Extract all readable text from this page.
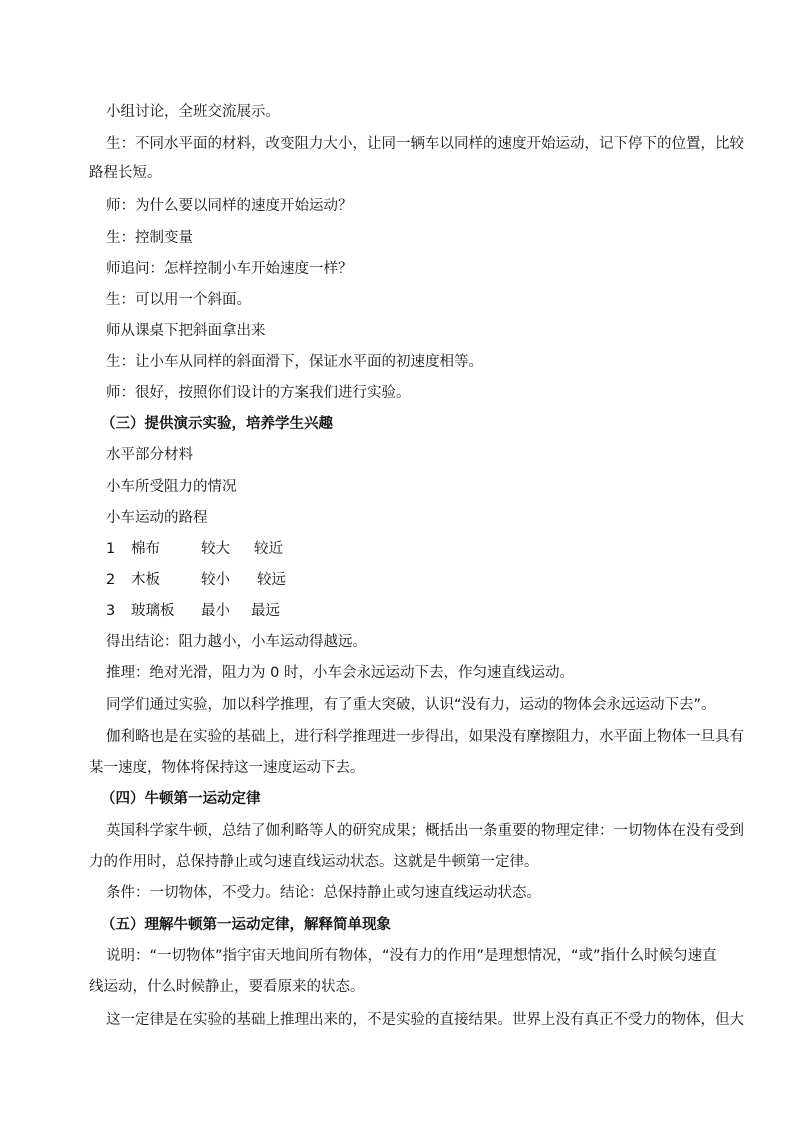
小组讨论，全班交流展示。
生：不同水平面的材料，改变阻力大小，让同一辆车以同样的速度开始运动，记下停下的位置，比较
路程长短。
师：为什么要以同样的速度开始运动？
生：控制变量
师追问：怎样控制小车开始速度一样？
生：可以用一个斜面。
师从课桌下把斜面拿出来
生：让小车从同样的斜面滑下，保证水平面的初速度相等。
师：很好，按照你们设计的方案我们进行实验。
（三）提供演示实验，培养学生兴趣
水平部分材料
小车所受阻力的情况
小车运动的路程
1 棉布	较大 较近
2 木板	较小 较远
3 玻璃板 最小 最远
得出结论：阻力越小，小车运动得越远。
推理：绝对光滑，阻力为 0 时，小车会永远运动下去，作匀速直线运动。
同学们通过实验，加以科学推理，有了重大突破，认识“没有力，运动的物体会永远运动下去”。
伽利略也是在实验的基础上，进行科学推理进一步得出，如果没有摩擦阻力，水平面上物体一旦具有
某一速度，物体将保持这一速度运动下去。
（四）牛顿第一运动定律
英国科学家牛顿，总结了伽利略等人的研究成果；概括出一条重要的物理定律：一切物体在没有受到
力的作用时，总保持静止或匀速直线运动状态。这就是牛顿第一定律。
条件：一切物体，不受力。结论：总保持静止或匀速直线运动状态。
（五）理解牛顿第一运动定律，解释简单现象
说明：“一切物体”指宇宙天地间所有物体，“没有力的作用”是理想情况，“或”指什么时候匀速直
线运动，什么时候静止，要看原来的状态。
这一定律是在实验的基础上推理出来的，不是实验的直接结果。世界上没有真正不受力的物体，但大
